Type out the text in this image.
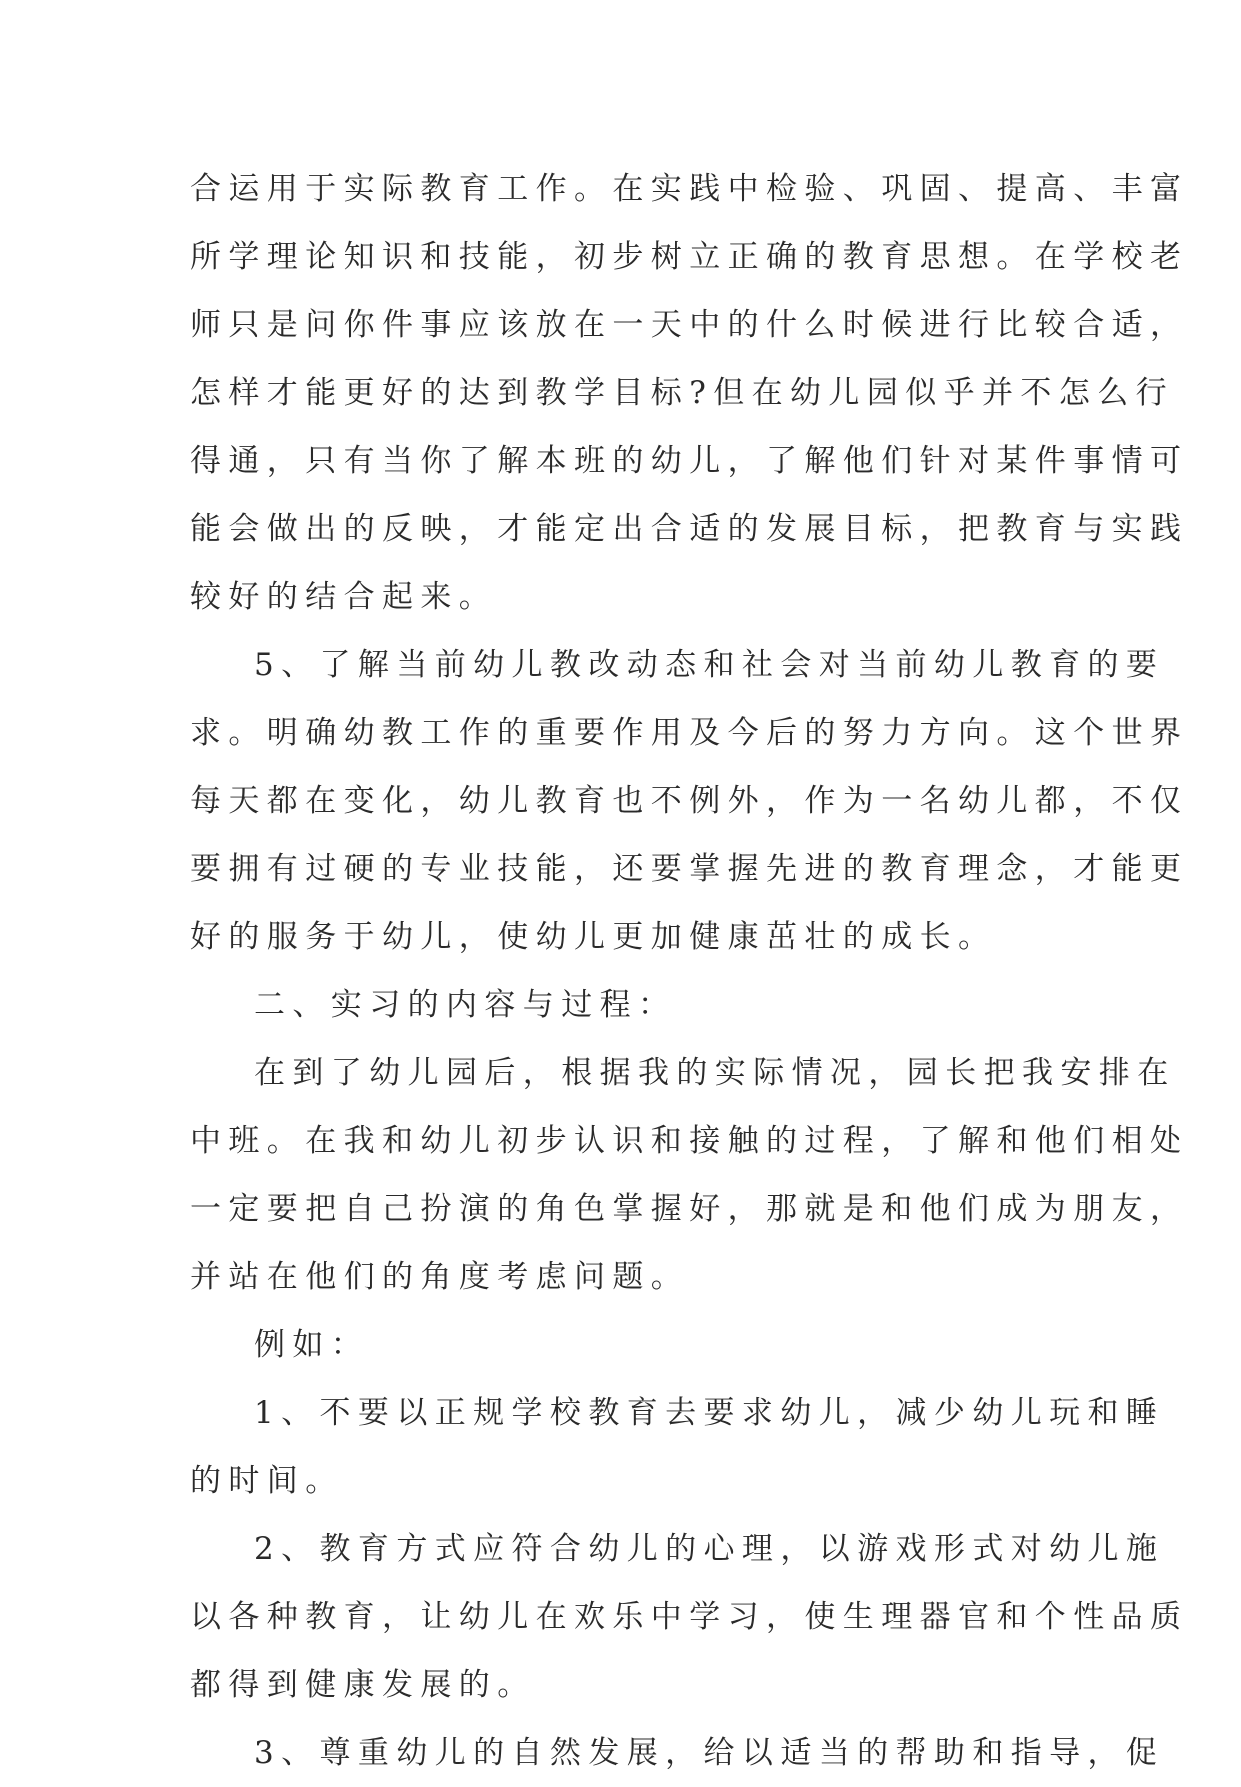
合运用于实际教育工作。在实践中检验、巩固、提高、丰富
所学理论知识和技能，初步树立正确的教育思想。在学校老
师只是问你件事应该放在一天中的什么时候进行比较合适，
怎样才能更好的达到教学目标?但在幼儿园似乎并不怎么行
得通，只有当你了解本班的幼儿，了解他们针对某件事情可
能会做出的反映，才能定出合适的发展目标，把教育与实践
较好的结合起来。
5、了解当前幼儿教改动态和社会对当前幼儿教育的要
求。明确幼教工作的重要作用及今后的努力方向。这个世界
每天都在变化，幼儿教育也不例外，作为一名幼儿都，不仅
要拥有过硬的专业技能，还要掌握先进的教育理念，才能更
好的服务于幼儿，使幼儿更加健康茁壮的成长。
二、实习的内容与过程：
在到了幼儿园后，根据我的实际情况，园长把我安排在
中班。在我和幼儿初步认识和接触的过程，了解和他们相处
一定要把自己扮演的角色掌握好，那就是和他们成为朋友，
并站在他们的角度考虑问题。
例如：
1、不要以正规学校教育去要求幼儿，减少幼儿玩和睡
的时间。
2、教育方式应符合幼儿的心理，以游戏形式对幼儿施
以各种教育，让幼儿在欢乐中学习，使生理器官和个性品质
都得到健康发展的。
3、尊重幼儿的自然发展，给以适当的帮助和指导，促
